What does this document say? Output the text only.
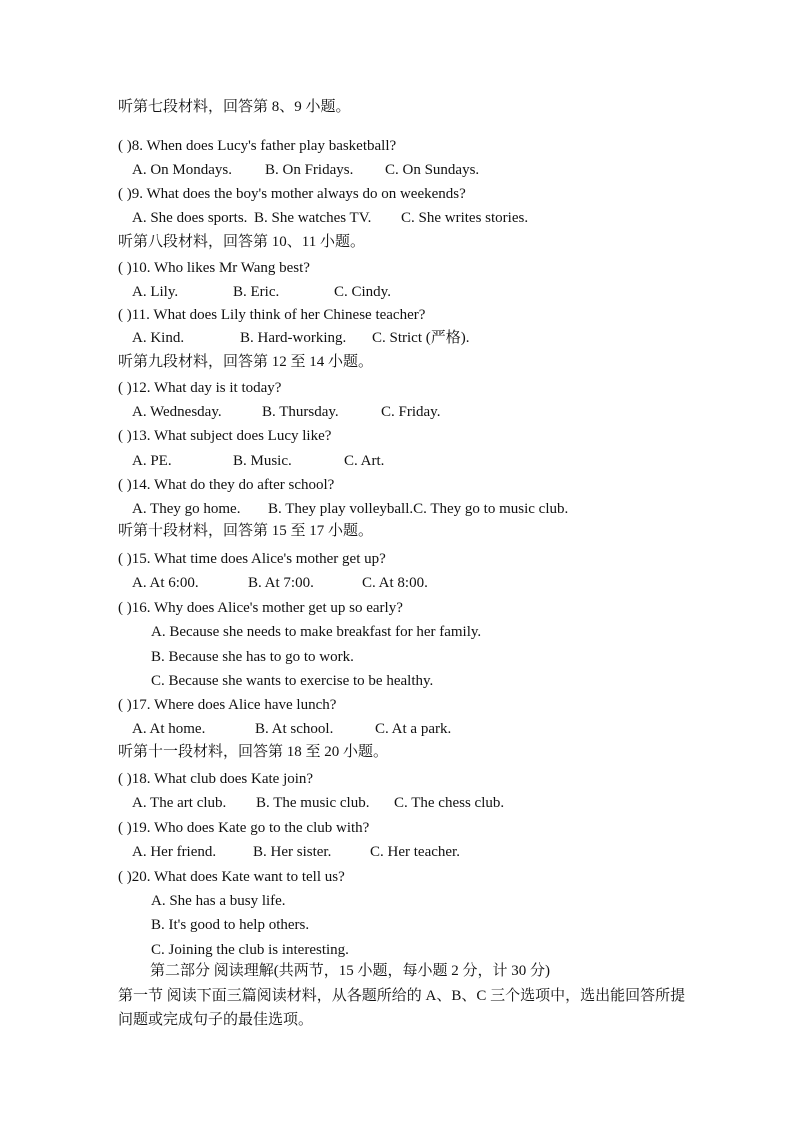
听第七段材料，回答第 8、9 小题。
( )8. When does Lucy's father play basketball?
A. On Mondays. B. On Fridays. C. On Sundays.
( )9. What does the boy's mother always do on weekends?
A. She does sports. B. She watches TV. C. She writes stories.
听第八段材料，回答第 10、11 小题。
( )10. Who likes Mr Wang best?
A. Lily.	B. Eric.	C. Cindy.
( )11. What does Lily think of her Chinese teacher?
A. Kind.	B. Hard-working. C. Strict (严格).
听第九段材料，回答第 12 至 14 小题。
( )12. What day is it today?
A. Wednesday.	B. Thursday.	C. Friday.
( )13. What subject does Lucy like?
A. PE.	B. Music.	C. Art.
( )14. What do they do after school?
A. They go home. B. They play volleyball.C. They go to music club.
听第十段材料，回答第 15 至 17 小题。
( )15. What time does Alice's mother get up?
A. At 6:00.	B. At 7:00.	C. At 8:00.
( )16. Why does Alice's mother get up so early?
A. Because she needs to make breakfast for her family.
B. Because she has to go to work.
C. Because she wants to exercise to be healthy.
( )17. Where does Alice have lunch?
A. At home.	B. At school.	C. At a park.
听第十一段材料，回答第 18 至 20 小题。
( )18. What club does Kate join?
A. The art club. B. The music club. C. The chess club.
( )19. Who does Kate go to the club with?
A. Her friend. B. Her sister.	C. Her teacher.
( )20. What does Kate want to tell us?
A. She has a busy life.
B. It's good to help others.
C. Joining the club is interesting.
第二部分 阅读理解(共两节，15 小题，每小题 2 分，计 30 分)
第一节 阅读下面三篇阅读材料，从各题所给的 A、B、C 三个选项中，选出能回答所提问题或完成句子的最佳选项。
